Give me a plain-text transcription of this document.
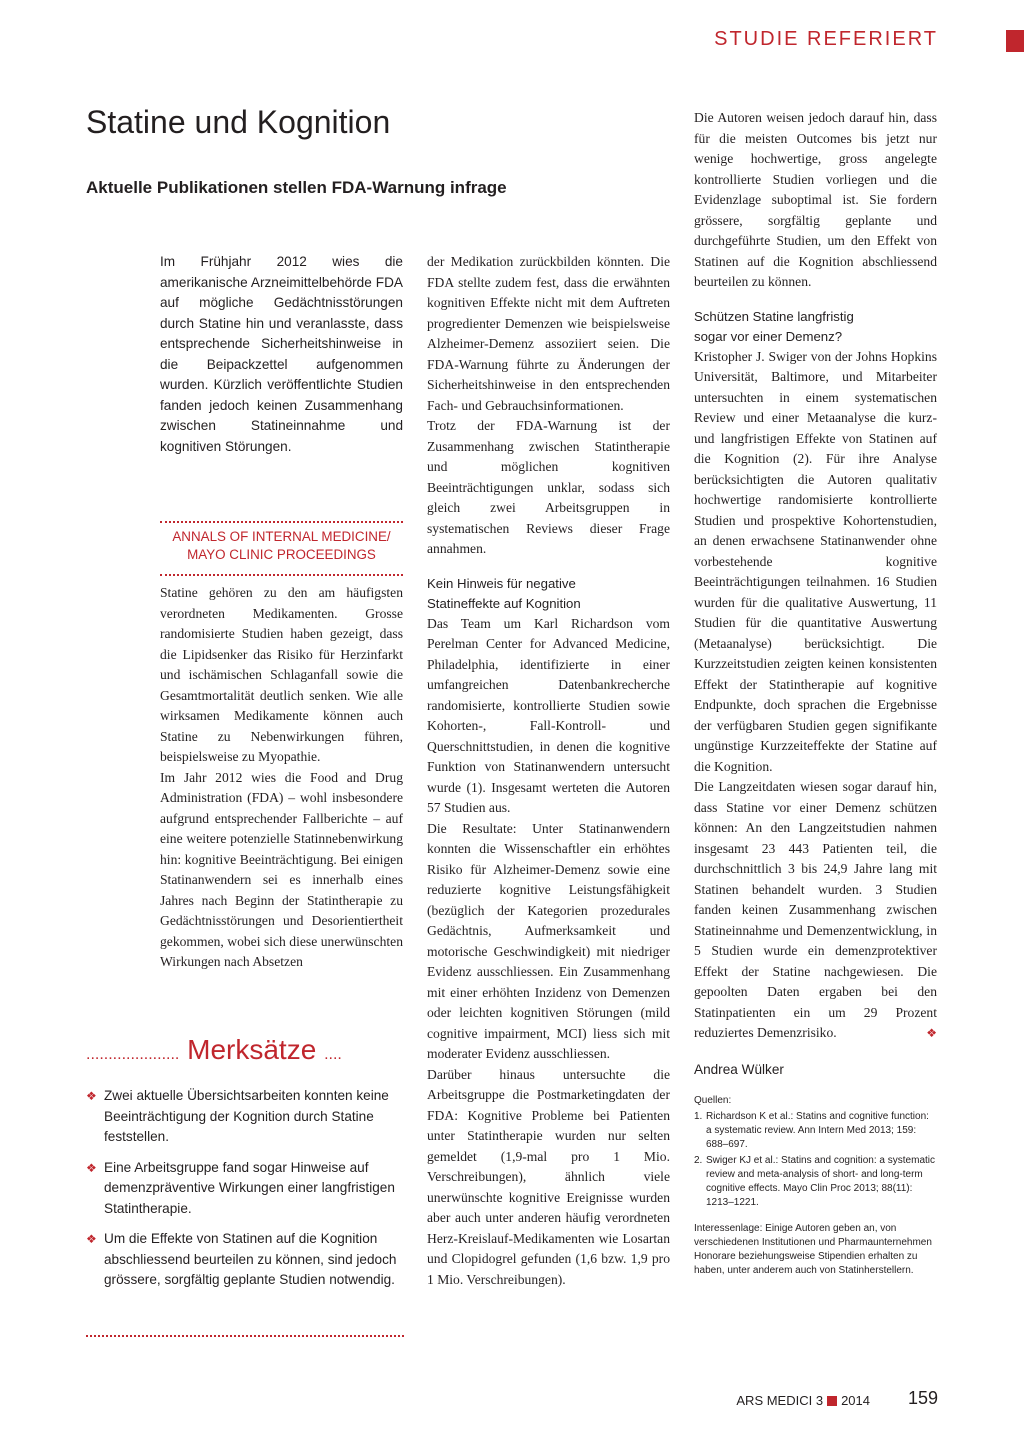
STUDIE REFERIERT
Statine und Kognition
Aktuelle Publikationen stellen FDA-Warnung infrage

Im Frühjahr 2012 wies die amerikanische Arzneimittelbehörde FDA auf mögliche Gedächtnisstörungen durch Statine hin und veranlasste, dass entsprechende Sicherheitshinweise in die Beipackzettel aufgenommen wurden. Kürzlich veröffentlichte Studien fanden jedoch keinen Zusammenhang zwischen Statineinnahme und kognitiven Störungen.

ANNALS OF INTERNAL MEDICINE/
MAYO CLINIC PROCEEDINGS

Statine gehören zu den am häufigsten verordneten Medikamenten. Grosse randomisierte Studien haben gezeigt, dass die Lipidsenker das Risiko für Herzinfarkt und ischämischen Schlaganfall sowie die Gesamtmortalität deutlich senken. Wie alle wirksamen Medikamente können auch Statine zu Nebenwirkungen führen, beispielsweise zu Myopathie.

Im Jahr 2012 wies die Food and Drug Administration (FDA) – wohl insbesondere aufgrund entsprechender Fallberichte – auf eine weitere potenzielle Statinnebenwirkung hin: kognitive Beeinträchtigung. Bei einigen Statinanwendern sei es innerhalb eines Jahres nach Beginn der Statintherapie zu Gedächtnisstörungen und Desorientiertheit gekommen, wobei sich diese unerwünschten Wirkungen nach Absetzen

..................... Merksätze ....
❖ Zwei aktuelle Übersichtsarbeiten konnten keine Beeinträchtigung der Kognition durch Statine feststellen.
❖ Eine Arbeitsgruppe fand sogar Hinweise auf demenzpräventive Wirkungen einer langfristigen Statintherapie.
❖ Um die Effekte von Statinen auf die Kognition abschliessend beurteilen zu können, sind jedoch grössere, sorgfältig geplante Studien notwendig.

der Medikation zurückbilden könnten. Die FDA stellte zudem fest, dass die erwähnten kognitiven Effekte nicht mit dem Auftreten progredienter Demenzen wie beispielsweise Alzheimer-Demenz assoziiert seien. Die FDA-Warnung führte zu Änderungen der Sicherheitshinweise in den entsprechenden Fach- und Gebrauchsinformationen.

Trotz der FDA-Warnung ist der Zusammenhang zwischen Statintherapie und möglichen kognitiven Beeinträchtigungen unklar, sodass sich gleich zwei Arbeitsgruppen in systematischen Reviews dieser Frage annahmen.

Kein Hinweis für negative
Statineffekte auf Kognition

Das Team um Karl Richardson vom Perelman Center for Advanced Medicine, Philadelphia, identifizierte in einer umfangreichen Datenbankrecherche randomisierte, kontrollierte Studien sowie Kohorten-, Fall-Kontroll- und Querschnittstudien, in denen die kognitive Funktion von Statinanwendern untersucht wurde (1). Insgesamt werteten die Autoren 57 Studien aus.

Die Resultate: Unter Statinanwendern konnten die Wissenschaftler ein erhöhtes Risiko für Alzheimer-Demenz sowie eine reduzierte kognitive Leistungsfähigkeit (bezüglich der Kategorien prozedurales Gedächtnis, Aufmerksamkeit und motorische Geschwindigkeit) mit niedriger Evidenz ausschliessen. Ein Zusammenhang mit einer erhöhten Inzidenz von Demenzen oder leichten kognitiven Störungen (mild cognitive impairment, MCI) liess sich mit moderater Evidenz ausschliessen.

Darüber hinaus untersuchte die Arbeitsgruppe die Postmarketingdaten der FDA: Kognitive Probleme bei Patienten unter Statintherapie wurden nur selten gemeldet (1,9-mal pro 1 Mio. Verschreibungen), ähnlich viele unerwünschte kognitive Ereignisse wurden aber auch unter anderen häufig verordneten Herz-Kreislauf-Medikamenten wie Losartan und Clopidogrel gefunden (1,6 bzw. 1,9 pro 1 Mio. Verschreibungen).

Die Autoren weisen jedoch darauf hin, dass für die meisten Outcomes bis jetzt nur wenige hochwertige, gross angelegte kontrollierte Studien vorliegen und die Evidenzlage suboptimal ist. Sie fordern grössere, sorgfältig geplante und durchgeführte Studien, um den Effekt von Statinen auf die Kognition abschliessend beurteilen zu können.

Schützen Statine langfristig
sogar vor einer Demenz?

Kristopher J. Swiger von der Johns Hopkins Universität, Baltimore, und Mitarbeiter untersuchten in einem systematischen Review und einer Metaanalyse die kurz- und langfristigen Effekte von Statinen auf die Kognition (2). Für ihre Analyse berücksichtigten die Autoren qualitativ hochwertige randomisierte kontrollierte Studien und prospektive Kohortenstudien, an denen erwachsene Statinanwender ohne vorbestehende kognitive Beeinträchtigungen teilnahmen. 16 Studien wurden für die qualitative Auswertung, 11 Studien für die quantitative Auswertung (Metaanalyse) berücksichtigt. Die Kurzzeitstudien zeigten keinen konsistenten Effekt der Statintherapie auf kognitive Endpunkte, doch sprachen die Ergebnisse der verfügbaren Studien gegen signifikante ungünstige Kurzzeiteffekte der Statine auf die Kognition.

Die Langzeitdaten wiesen sogar darauf hin, dass Statine vor einer Demenz schützen können: An den Langzeitstudien nahmen insgesamt 23 443 Patienten teil, die durchschnittlich 3 bis 24,9 Jahre lang mit Statinen behandelt wurden. 3 Studien fanden keinen Zusammenhang zwischen Statineinnahme und Demenzentwicklung, in 5 Studien wurde ein demenzprotektiver Effekt der Statine nachgewiesen. Die gepoolten Daten ergaben bei den Statinpatienten ein um 29 Prozent reduziertes Demenzrisiko.	❖

Andrea Wülker
Quellen:
1. Richardson K et al.: Statins and cognitive function: a systematic review. Ann Intern Med 2013; 159: 688–697.
2. Swiger KJ et al.: Statins and cognition: a systematic review and meta-analysis of short- and long-term cognitive effects. Mayo Clin Proc 2013; 88(11): 1213–1221.
Interessenlage: Einige Autoren geben an, von verschiedenen Institutionen und Pharmaunternehmen Honorare beziehungsweise Stipendien erhalten zu haben, unter anderem auch von Statinherstellern.
ARS MEDICI 3 2014 159
